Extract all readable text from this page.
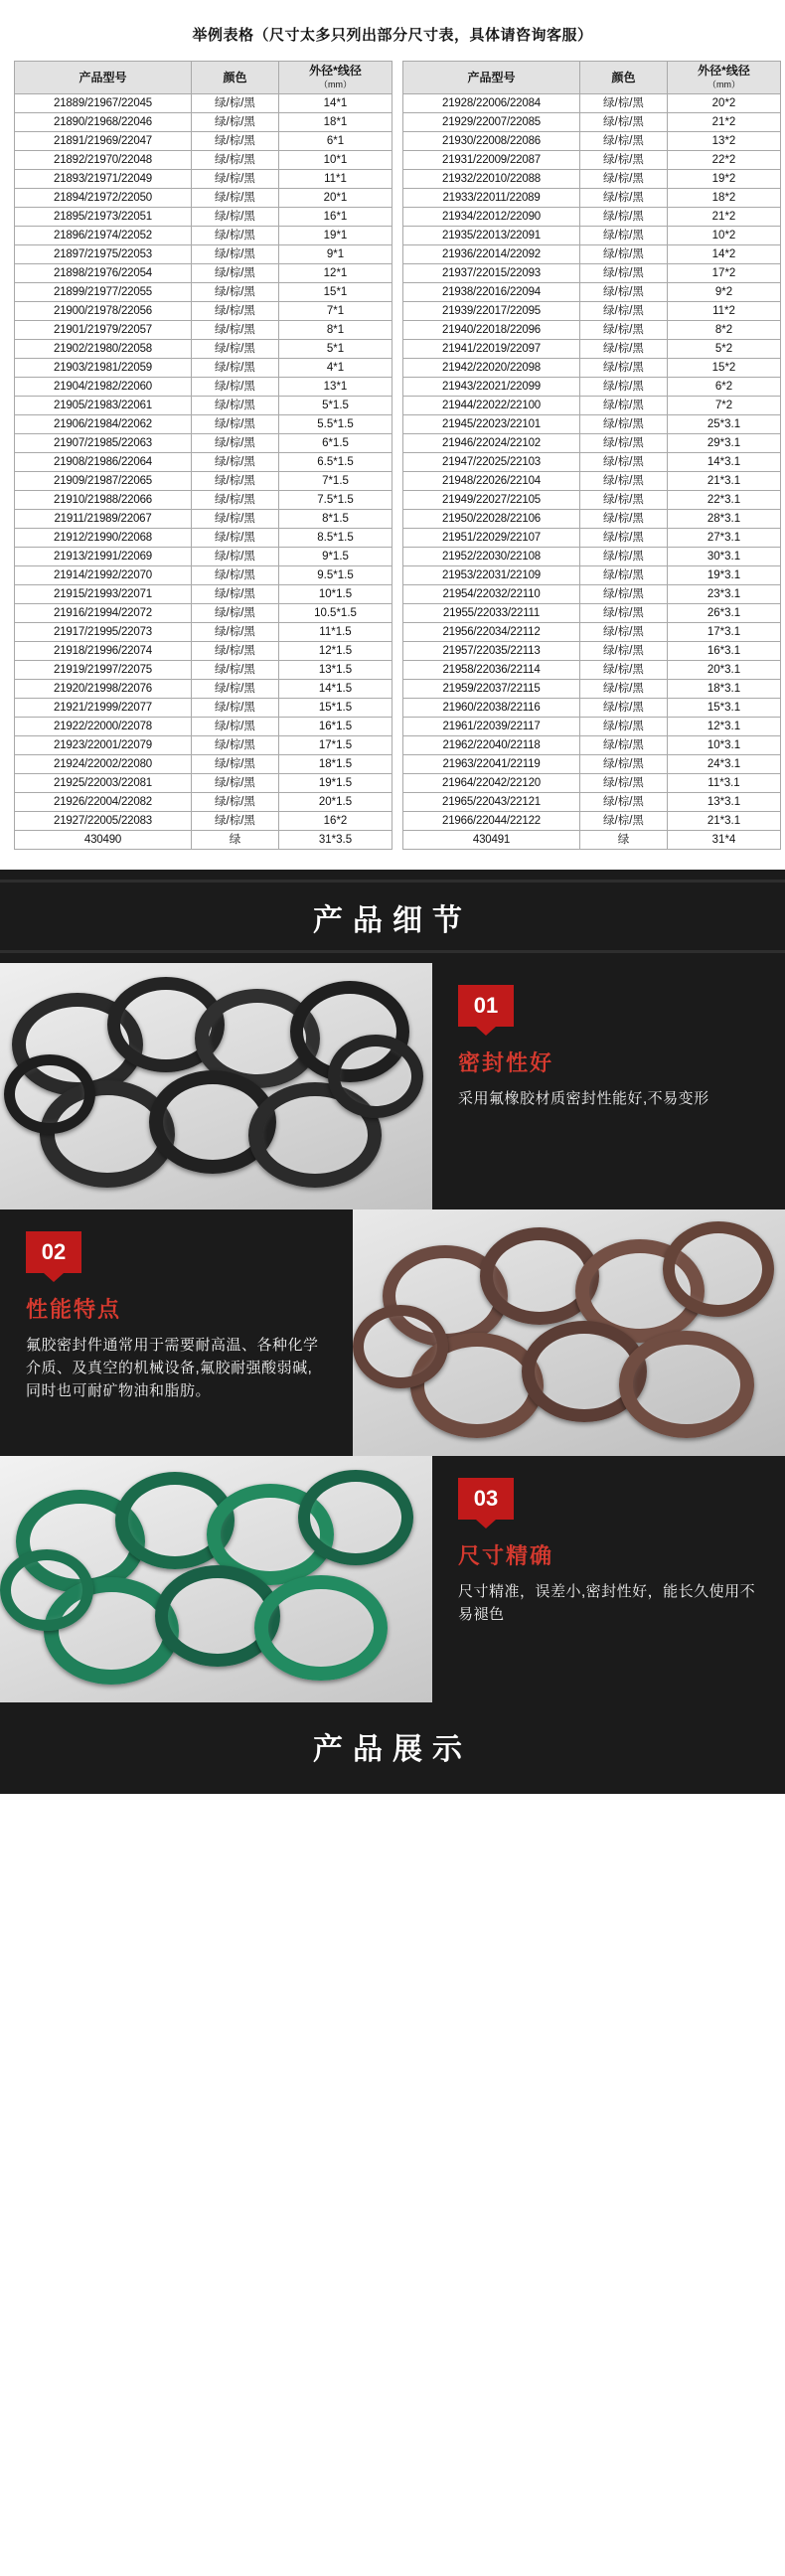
举例表格（尺寸太多只列出部分尺寸表，具体请咨询客服）
产品型号	颜色	外径*线径
（mm）

21889/21967/22045	绿/棕/黑	14*1
21890/21968/22046	绿/棕/黑	18*1
21891/21969/22047	绿/棕/黑	6*1
21892/21970/22048	绿/棕/黑	10*1
21893/21971/22049	绿/棕/黑	11*1
21894/21972/22050	绿/棕/黑	20*1
21895/21973/22051	绿/棕/黑	16*1
21896/21974/22052	绿/棕/黑	19*1
21897/21975/22053	绿/棕/黑	9*1
21898/21976/22054	绿/棕/黑	12*1
21899/21977/22055	绿/棕/黑	15*1
21900/21978/22056	绿/棕/黑	7*1
21901/21979/22057	绿/棕/黑	8*1
21902/21980/22058	绿/棕/黑	5*1
21903/21981/22059	绿/棕/黑	4*1
21904/21982/22060	绿/棕/黑	13*1
21905/21983/22061	绿/棕/黑	5*1.5
21906/21984/22062	绿/棕/黑	5.5*1.5
21907/21985/22063	绿/棕/黑	6*1.5
21908/21986/22064	绿/棕/黑	6.5*1.5
21909/21987/22065	绿/棕/黑	7*1.5
21910/21988/22066	绿/棕/黑	7.5*1.5
21911/21989/22067	绿/棕/黑	8*1.5
21912/21990/22068	绿/棕/黑	8.5*1.5
21913/21991/22069	绿/棕/黑	9*1.5
21914/21992/22070	绿/棕/黑	9.5*1.5
21915/21993/22071	绿/棕/黑	10*1.5
21916/21994/22072	绿/棕/黑	10.5*1.5
21917/21995/22073	绿/棕/黑	11*1.5
21918/21996/22074	绿/棕/黑	12*1.5
21919/21997/22075	绿/棕/黑	13*1.5
21920/21998/22076	绿/棕/黑	14*1.5
21921/21999/22077	绿/棕/黑	15*1.5
21922/22000/22078	绿/棕/黑	16*1.5
21923/22001/22079	绿/棕/黑	17*1.5
21924/22002/22080	绿/棕/黑	18*1.5
21925/22003/22081	绿/棕/黑	19*1.5
21926/22004/22082	绿/棕/黑	20*1.5
21927/22005/22083	绿/棕/黑	16*2
430490	绿	31*3.5
产品型号	颜色	外径*线径
（mm）

21928/22006/22084	绿/棕/黑	20*2
21929/22007/22085	绿/棕/黑	21*2
21930/22008/22086	绿/棕/黑	13*2
21931/22009/22087	绿/棕/黑	22*2
21932/22010/22088	绿/棕/黑	19*2
21933/22011/22089	绿/棕/黑	18*2
21934/22012/22090	绿/棕/黑	21*2
21935/22013/22091	绿/棕/黑	10*2
21936/22014/22092	绿/棕/黑	14*2
21937/22015/22093	绿/棕/黑	17*2
21938/22016/22094	绿/棕/黑	9*2
21939/22017/22095	绿/棕/黑	11*2
21940/22018/22096	绿/棕/黑	8*2
21941/22019/22097	绿/棕/黑	5*2
21942/22020/22098	绿/棕/黑	15*2
21943/22021/22099	绿/棕/黑	6*2
21944/22022/22100	绿/棕/黑	7*2
21945/22023/22101	绿/棕/黑	25*3.1
21946/22024/22102	绿/棕/黑	29*3.1
21947/22025/22103	绿/棕/黑	14*3.1
21948/22026/22104	绿/棕/黑	21*3.1
21949/22027/22105	绿/棕/黑	22*3.1
21950/22028/22106	绿/棕/黑	28*3.1
21951/22029/22107	绿/棕/黑	27*3.1
21952/22030/22108	绿/棕/黑	30*3.1
21953/22031/22109	绿/棕/黑	19*3.1
21954/22032/22110	绿/棕/黑	23*3.1
21955/22033/22111	绿/棕/黑	26*3.1
21956/22034/22112	绿/棕/黑	17*3.1
21957/22035/22113	绿/棕/黑	16*3.1
21958/22036/22114	绿/棕/黑	20*3.1
21959/22037/22115	绿/棕/黑	18*3.1
21960/22038/22116	绿/棕/黑	15*3.1
21961/22039/22117	绿/棕/黑	12*3.1
21962/22040/22118	绿/棕/黑	10*3.1
21963/22041/22119	绿/棕/黑	24*3.1
21964/22042/22120	绿/棕/黑	11*3.1
21965/22043/22121	绿/棕/黑	13*3.1
21966/22044/22122	绿/棕/黑	21*3.1
430491	绿	31*4
产品细节
01
密封性好
采用氟橡胶材质密封性能好,不易变形
02
性能特点
氟胶密封件通常用于需要耐高温、各种化学介质、及真空的机械设备,氟胶耐强酸弱碱,同时也可耐矿物油和脂肪。
03
尺寸精确
尺寸精准，误差小,密封性好，能长久使用不易褪色
产品展示
